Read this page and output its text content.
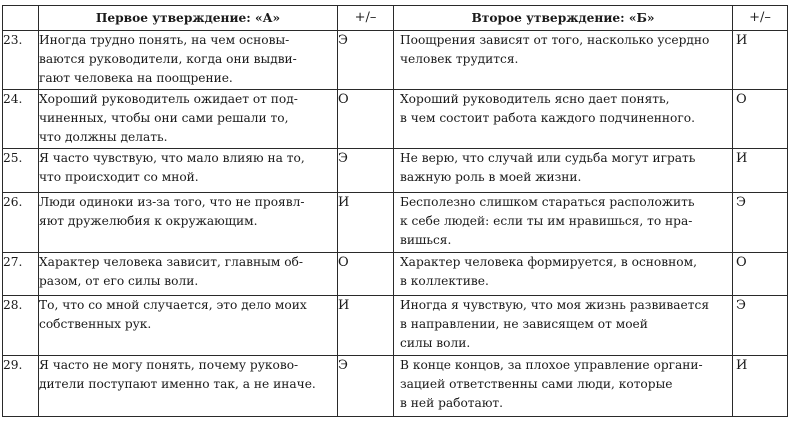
	Первое утверждение: «А»	+/–	Второе утверждение: «Б»	+/–
23.	Иногда трудно понять, на чем основы-
ваются руководители, когда они выдви-
гают человека на поощрение.	Э	Поощрения зависят от того, насколько усердно
человек трудится.	И
24.	Хороший руководитель ожидает от под-
чиненных, чтобы они сами решали то,
что должны делать.	О	Хороший руководитель ясно дает понять,
в чем состоит работа каждого подчиненного.	О
25.	Я часто чувствую, что мало влияю на то,
что происходит со мной.	Э	Не верю, что случай или судьба могут играть
важную роль в моей жизни.	И
26.	Люди одиноки из-за того, что не проявл-
яют дружелюбия к окружающим.	И	Бесполезно слишком стараться расположить
к себе людей: если ты им нравишься, то нра-
вишься.	Э
27.	Характер человека зависит, главным об-
разом, от его силы воли.	О	Характер человека формируется, в основном,
в коллективе.	О
28.	То, что со мной случается, это дело моих
собственных рук.	И	Иногда я чувствую, что моя жизнь развивается
в направлении, не зависящем от моей
силы воли.	Э
29.	Я часто не могу понять, почему руково-
дители поступают именно так, а не иначе.	Э	В конце концов, за плохое управление органи-
зацией ответственны сами люди, которые
в ней работают.	И
